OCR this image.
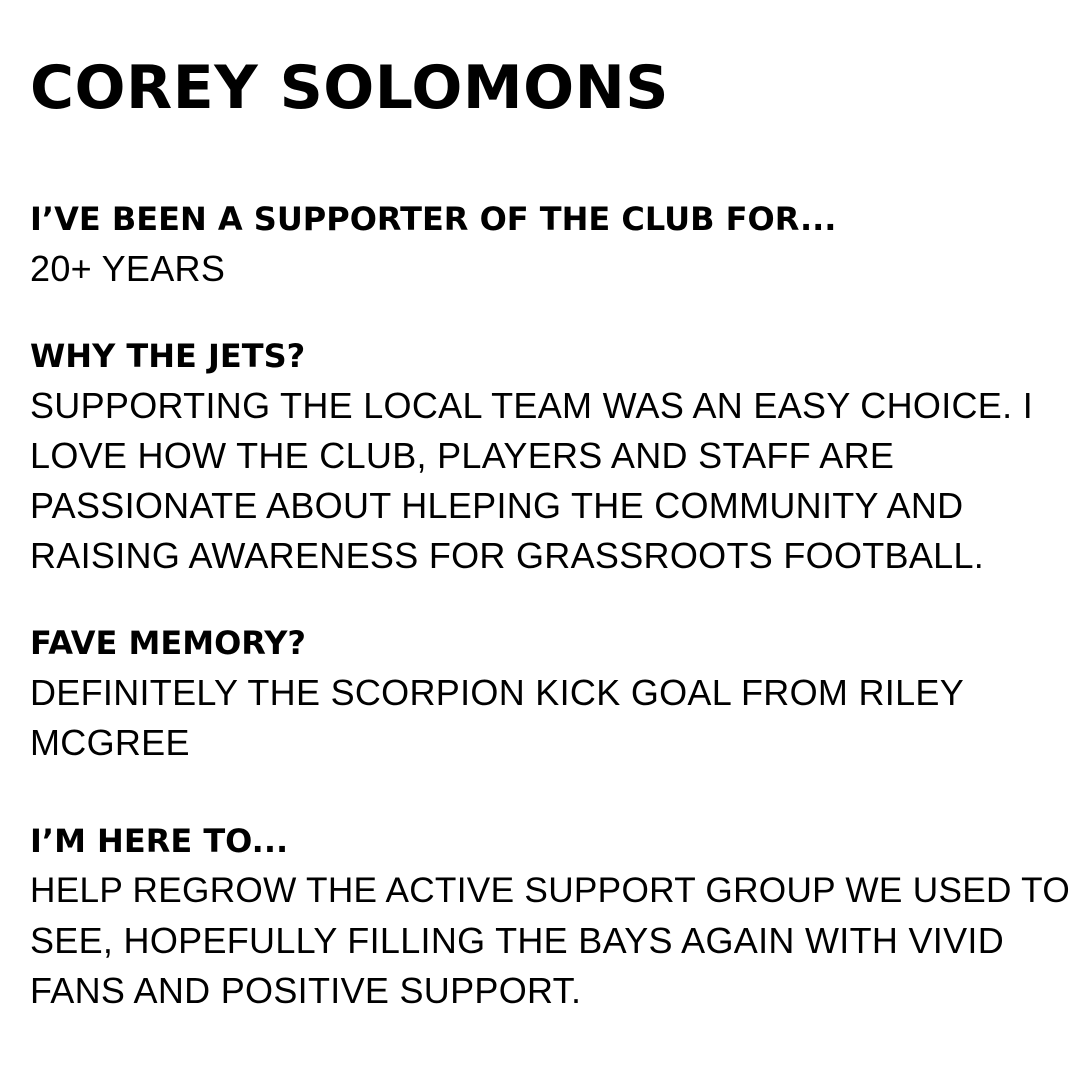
COREY SOLOMONS

I’VE BEEN A SUPPORTER OF THE CLUB FOR...

20+ YEARS

WHY THE JETS?

SUPPORTING THE LOCAL TEAM WAS AN EASY CHOICE. I
LOVE HOW THE CLUB, PLAYERS AND STAFF ARE
PASSIONATE ABOUT HLEPING THE COMMUNITY AND
RAISING AWARENESS FOR GRASSROOTS FOOTBALL.

FAVE MEMORY?

DEFINITELY THE SCORPION KICK GOAL FROM RILEY
MCGREE

I’M HERE TO...

HELP REGROW THE ACTIVE SUPPORT GROUP WE USED TO
SEE, HOPEFULLY FILLING THE BAYS AGAIN WITH VIVID
FANS AND POSITIVE SUPPORT.
